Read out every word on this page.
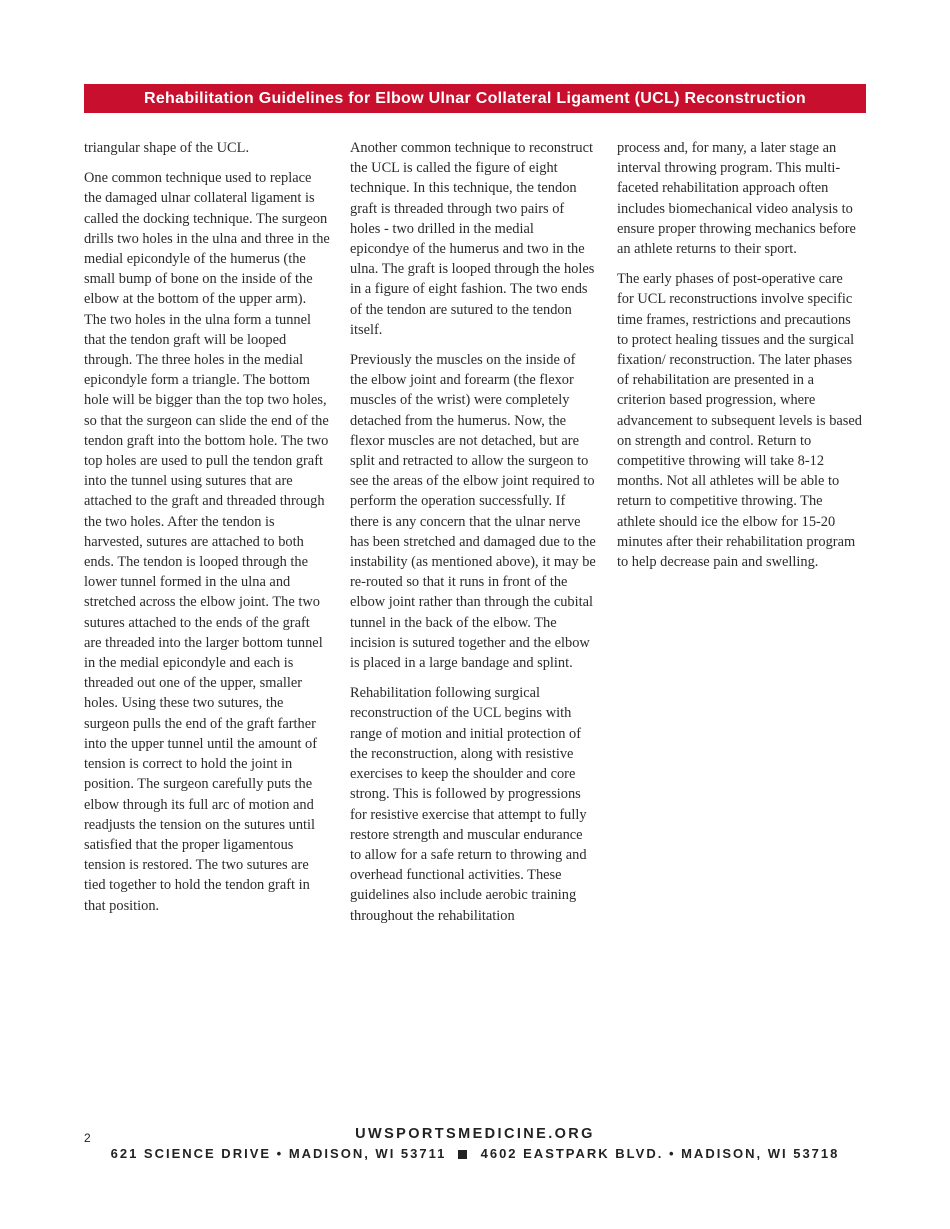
Rehabilitation Guidelines for Elbow Ulnar Collateral Ligament (UCL) Reconstruction

triangular shape of the UCL.

One common technique used to replace the damaged ulnar collateral ligament is called the docking technique. The surgeon drills two holes in the ulna and three in the medial epicondyle of the humerus (the small bump of bone on the inside of the elbow at the bottom of the upper arm). The two holes in the ulna form a tunnel that the tendon graft will be looped through. The three holes in the medial epicondyle form a triangle. The bottom hole will be bigger than the top two holes, so that the surgeon can slide the end of the tendon graft into the bottom hole. The two top holes are used to pull the tendon graft into the tunnel using sutures that are attached to the graft and threaded through the two holes. After the tendon is harvested, sutures are attached to both ends. The tendon is looped through the lower tunnel formed in the ulna and stretched across the elbow joint. The two sutures attached to the ends of the graft are threaded into the larger bottom tunnel in the medial epicondyle and each is threaded out one of the upper, smaller holes. Using these two sutures, the surgeon pulls the end of the graft farther into the upper tunnel until the amount of tension is correct to hold the joint in position. The surgeon carefully puts the elbow through its full arc of motion and readjusts the tension on the sutures until satisfied that the proper ligamentous tension is restored. The two sutures are tied together to hold the tendon graft in that position.

Another common technique to reconstruct the UCL is called the figure of eight technique. In this technique, the tendon graft is threaded through two pairs of holes - two drilled in the medial epicondye of the humerus and two in the ulna. The graft is looped through the holes in a figure of eight fashion. The two ends of the tendon are sutured to the tendon itself.

Previously the muscles on the inside of the elbow joint and forearm (the flexor muscles of the wrist) were completely detached from the humerus. Now, the flexor muscles are not detached, but are split and retracted to allow the surgeon to see the areas of the elbow joint required to perform the operation successfully. If there is any concern that the ulnar nerve has been stretched and damaged due to the instability (as mentioned above), it may be re-routed so that it runs in front of the elbow joint rather than through the cubital tunnel in the back of the elbow. The incision is sutured together and the elbow is placed in a large bandage and splint.

Rehabilitation following surgical reconstruction of the UCL begins with range of motion and initial protection of the reconstruction, along with resistive exercises to keep the shoulder and core strong. This is followed by progressions for resistive exercise that attempt to fully restore strength and muscular endurance to allow for a safe return to throwing and overhead functional activities. These guidelines also include aerobic training throughout the rehabilitation

process and, for many, a later stage an interval throwing program. This multi-faceted rehabilitation approach often includes biomechanical video analysis to ensure proper throwing mechanics before an athlete returns to their sport.

The early phases of post-operative care for UCL reconstructions involve specific time frames, restrictions and precautions to protect healing tissues and the surgical fixation/ reconstruction. The later phases of rehabilitation are presented in a criterion based progression, where advancement to subsequent levels is based on strength and control. Return to competitive throwing will take 8-12 months. Not all athletes will be able to return to competitive throwing. The athlete should ice the elbow for 15-20 minutes after their rehabilitation program to help decrease pain and swelling.

2	UWSPORTSMEDICINE.ORG
621 SCIENCE DRIVE • MADISON, WI 53711	4602 EASTPARK BLVD. • MADISON, WI 53718
